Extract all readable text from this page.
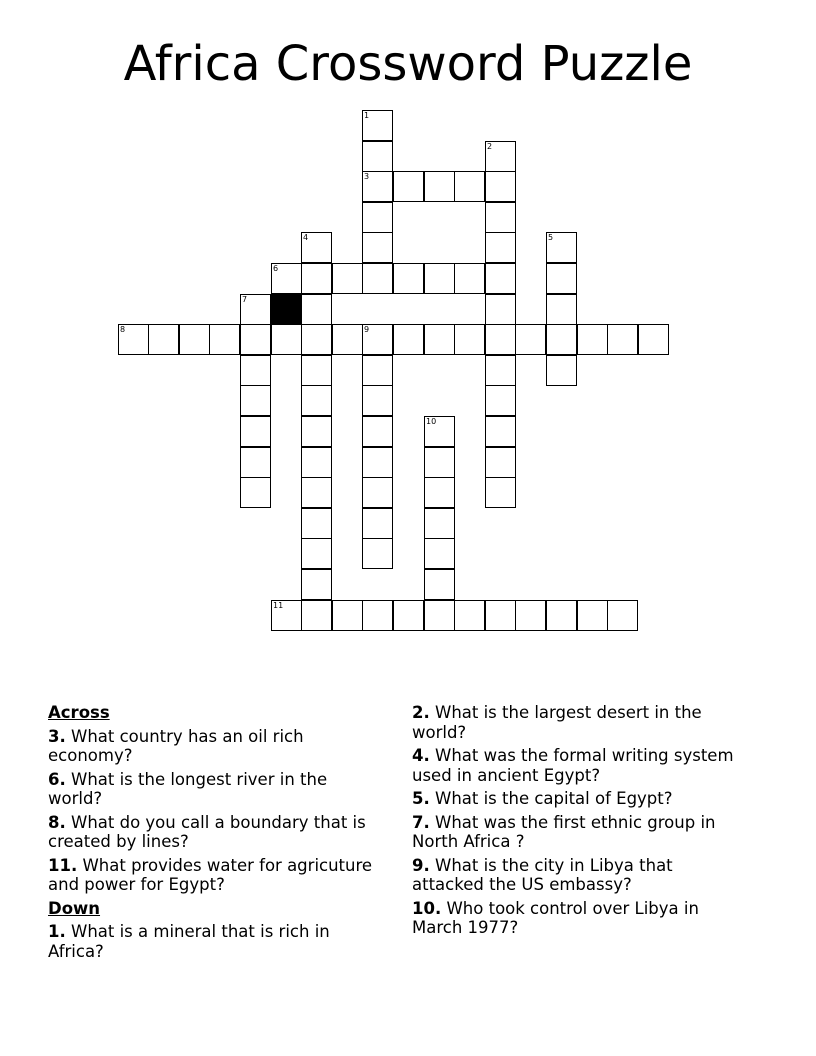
Africa Crossword Puzzle
1
3
2
4	5
6
7
8	9
10
11
Across
3. What country has an oil rich economy?
6. What is the longest river in the world?
8. What do you call a boundary that is created by lines?
11. What provides water for agricuture and power for Egypt?
Down
1. What is a mineral that is rich in Africa?
2. What is the largest desert in the world?
4. What was the formal writing system used in ancient Egypt?
5. What is the capital of Egypt?
7. What was the first ethnic group in North Africa ?
9. What is the city in Libya that attacked the US embassy?
10. Who took control over Libya in March 1977?
